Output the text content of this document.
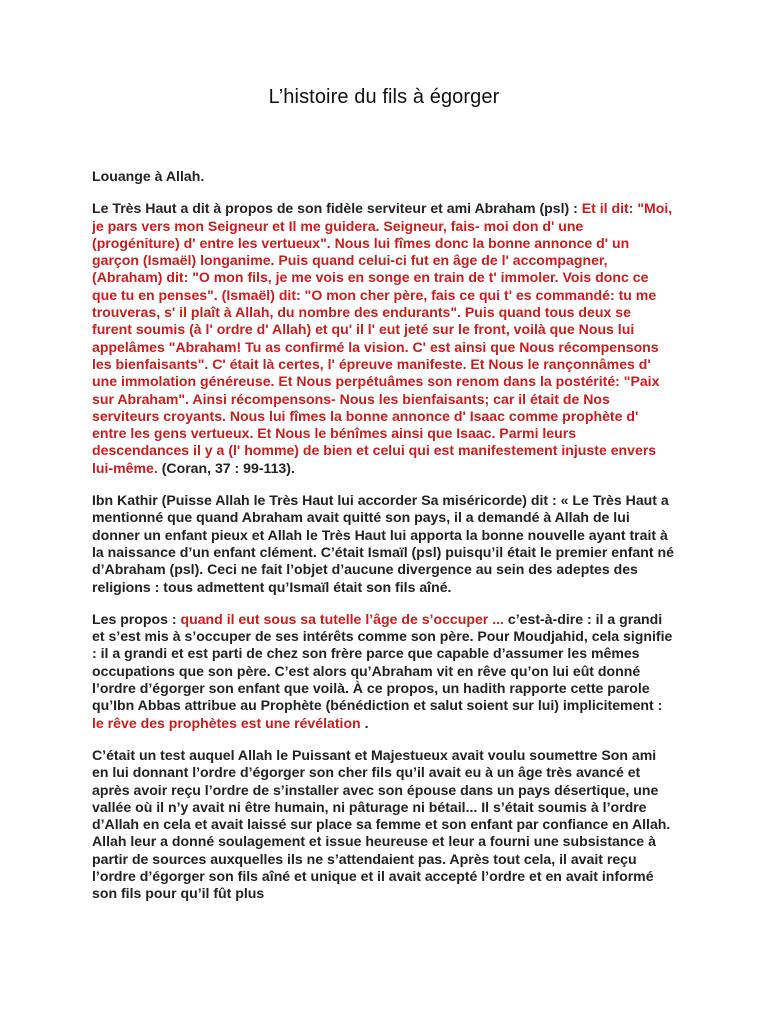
L’histoire du fils à égorger

Louange à Allah.

Le Très Haut a dit à propos de son fidèle serviteur et ami Abraham (psl) : Et il dit: "Moi, je pars vers mon Seigneur et Il me guidera. Seigneur, fais- moi don d' une (progéniture) d' entre les vertueux". Nous lui fîmes donc la bonne annonce d' un garçon (Ismaël) longanime. Puis quand celui-ci fut en âge de l' accompagner, (Abraham) dit: "O mon fils, je me vois en songe en train de t' immoler. Vois donc ce que tu en penses". (Ismaël) dit: "O mon cher père, fais ce qui t' es commandé: tu me trouveras, s' il plaît à Allah, du nombre des endurants". Puis quand tous deux se furent soumis (à l' ordre d' Allah) et qu' il l' eut jeté sur le front, voilà que Nous lui appelâmes "Abraham! Tu as confirmé la vision. C' est ainsi que Nous récompensons les bienfaisants". C' était là certes, l' épreuve manifeste. Et Nous le rançonnâmes d' une immolation généreuse. Et Nous perpétuâmes son renom dans la postérité: "Paix sur Abraham". Ainsi récompensons- Nous les bienfaisants; car il était de Nos serviteurs croyants. Nous lui fîmes la bonne annonce d' Isaac comme prophète d' entre les gens vertueux. Et Nous le bénîmes ainsi que Isaac. Parmi leurs descendances il y a (l' homme) de bien et celui qui est manifestement injuste envers lui-même. (Coran, 37 : 99-113).

Ibn Kathir (Puisse Allah le Très Haut lui accorder Sa miséricorde) dit : « Le Très Haut a mentionné que quand Abraham avait quitté son pays, il a demandé à Allah de lui donner un enfant pieux et Allah le Très Haut lui apporta la bonne nouvelle ayant trait à la naissance d’un enfant clément. C’était Ismaïl (psl) puisqu’il était le premier enfant né d’Abraham (psl). Ceci ne fait l’objet d’aucune divergence au sein des adeptes des religions : tous admettent qu’Ismaïl était son fils aîné.

Les propos : quand il eut sous sa tutelle l’âge de s’occuper ... c’est-à-dire : il a grandi et s’est mis à s’occuper de ses intérêts comme son père. Pour Moudjahid, cela signifie : il a grandi et est parti de chez son frère parce que capable d’assumer les mêmes occupations que son père. C’est alors qu’Abraham vit en rêve qu’on lui eût donné l’ordre d’égorger son enfant que voilà. À ce propos, un hadith rapporte cette parole qu’Ibn Abbas attribue au Prophète (bénédiction et salut soient sur lui) implicitement : le rêve des prophètes est une révélation .

C’était un test auquel Allah le Puissant et Majestueux avait voulu soumettre Son ami en lui donnant l’ordre d’égorger son cher fils qu’il avait eu à un âge très avancé et après avoir reçu l’ordre de s’installer avec son épouse dans un pays désertique, une vallée où il n’y avait ni être humain, ni pâturage ni bétail... Il s’était soumis à l’ordre d’Allah en cela et avait laissé sur place sa femme et son enfant par confiance en Allah. Allah leur a donné soulagement et issue heureuse et leur a fourni une subsistance à partir de sources auxquelles ils ne s’attendaient pas. Après tout cela, il avait reçu l’ordre d’égorger son fils aîné et unique et il avait accepté l’ordre et en avait informé son fils pour qu’il fût plus
